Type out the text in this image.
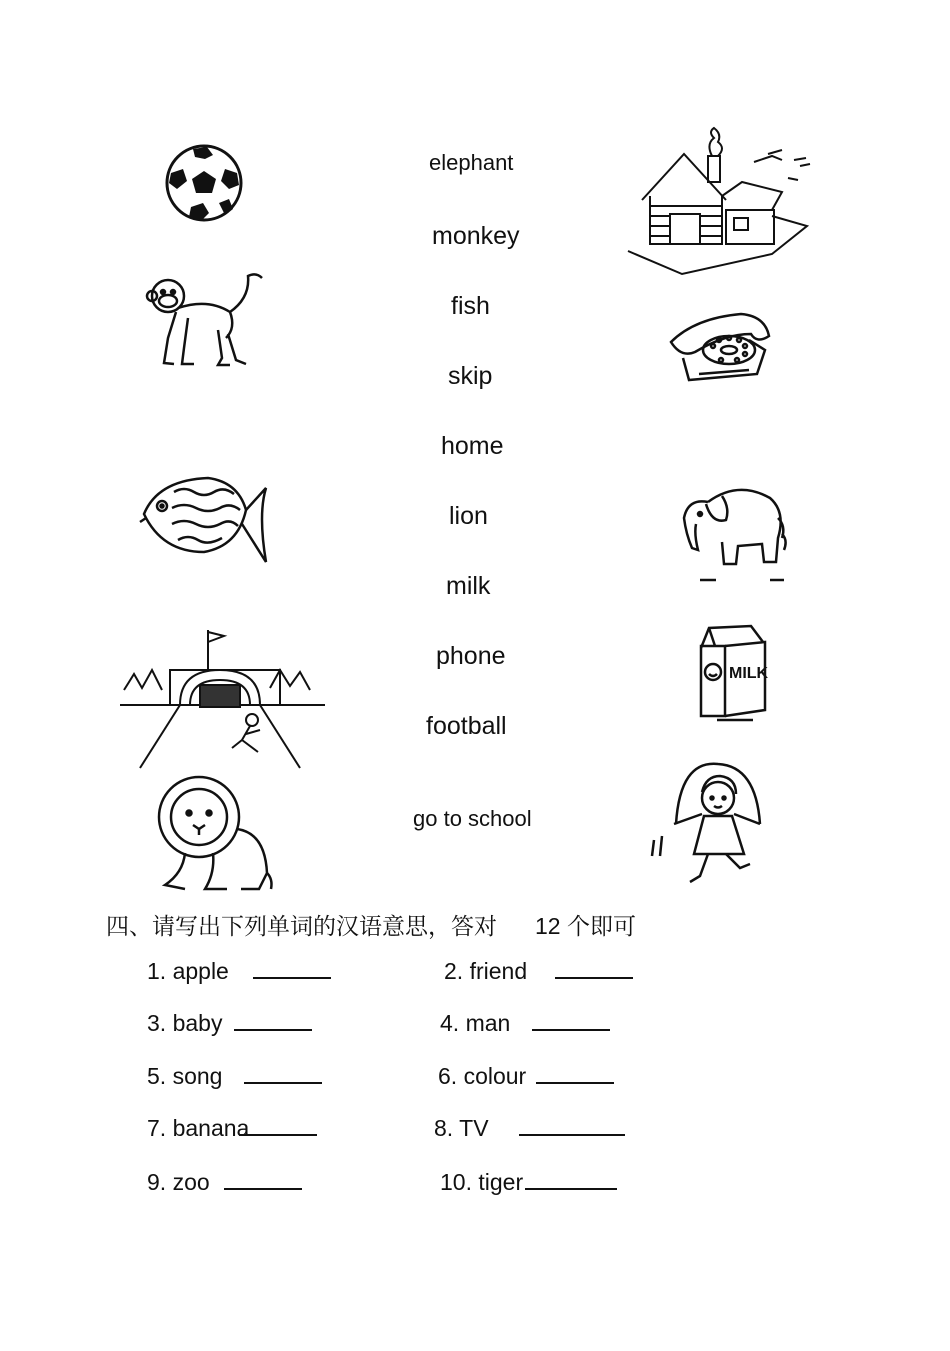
elephant
monkey
fish
skip
home
lion
milk
phone
football
go to school
MILK
四、请写出下列单词的汉语意思，答对 12 个即可
1. apple	2. friend
3. baby	4. man
5. song	6. colour
7. banana	8. TV
9. zoo	10. tiger
